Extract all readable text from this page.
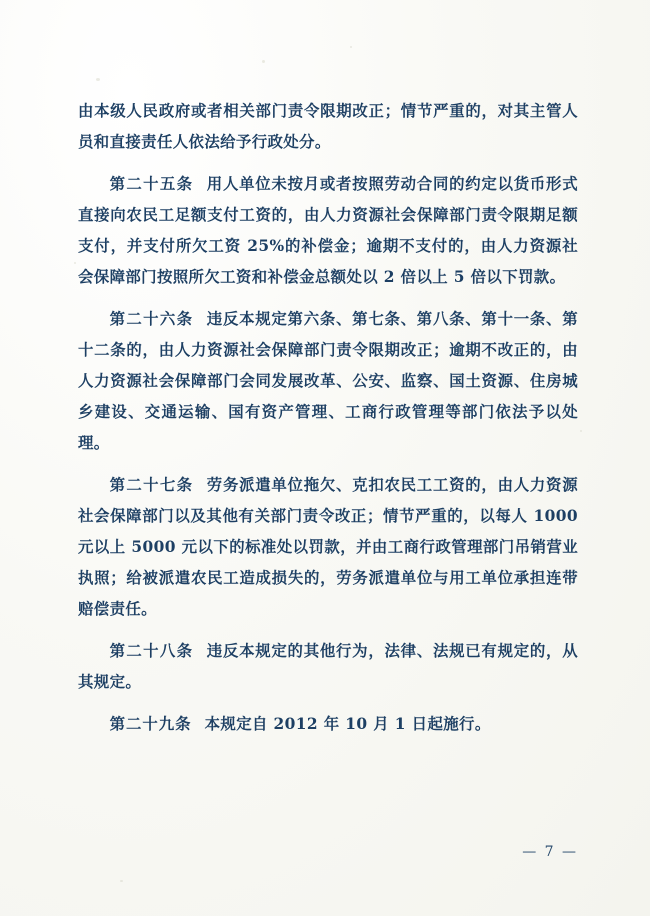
由本级人民政府或者相关部门责令限期改正；情节严重的，对其主管人员和直接责任人依法给予行政处分。

第二十五条 用人单位未按月或者按照劳动合同的约定以货币形式直接向农民工足额支付工资的，由人力资源社会保障部门责令限期足额支付，并支付所欠工资 25%的补偿金；逾期不支付的，由人力资源社会保障部门按照所欠工资和补偿金总额处以 2 倍以上 5 倍以下罚款。

第二十六条 违反本规定第六条、第七条、第八条、第十一条、第十二条的，由人力资源社会保障部门责令限期改正；逾期不改正的，由人力资源社会保障部门会同发展改革、公安、监察、国土资源、住房城乡建设、交通运输、国有资产管理、工商行政管理等部门依法予以处理。

第二十七条 劳务派遣单位拖欠、克扣农民工工资的，由人力资源社会保障部门以及其他有关部门责令改正；情节严重的，以每人 1000 元以上 5000 元以下的标准处以罚款，并由工商行政管理部门吊销营业执照；给被派遣农民工造成损失的，劳务派遣单位与用工单位承担连带赔偿责任。

第二十八条 违反本规定的其他行为，法律、法规已有规定的，从其规定。

第二十九条 本规定自 2012 年 10 月 1 日起施行。

— 7 —
